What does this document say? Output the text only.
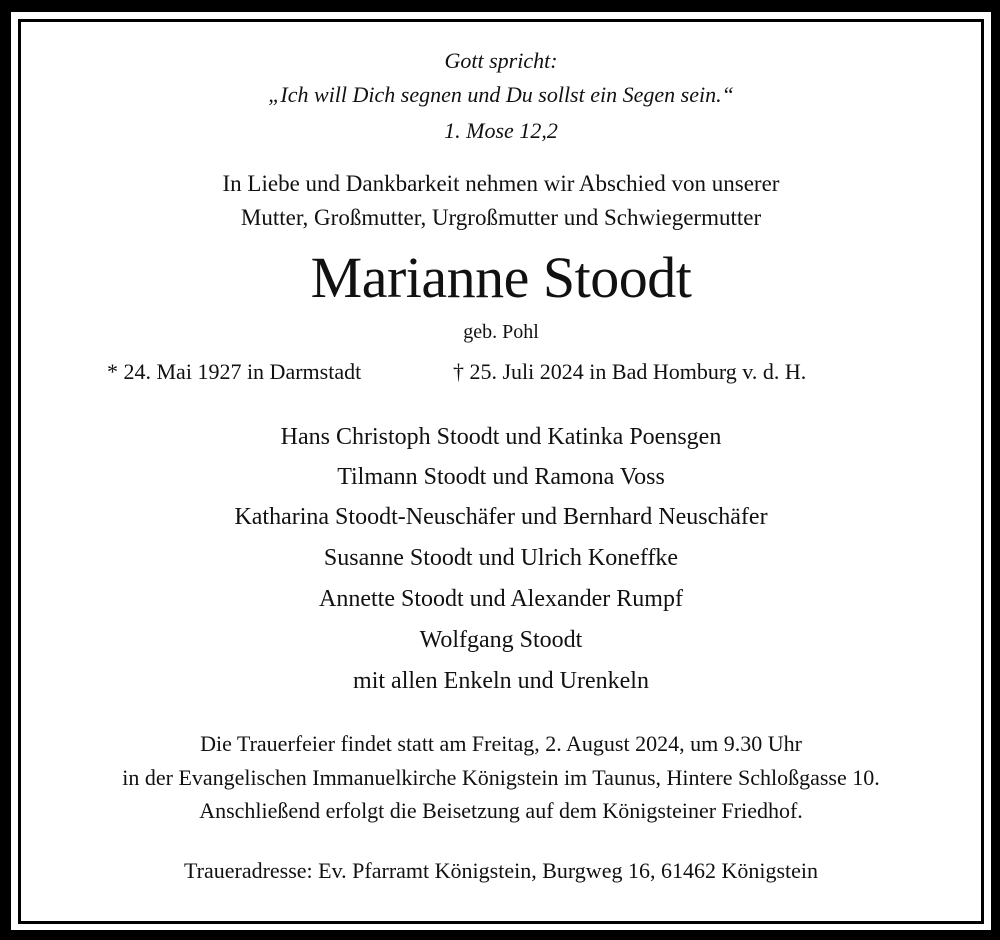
Gott spricht:
„Ich will Dich segnen und Du sollst ein Segen sein.“
1. Mose 12,2
In Liebe und Dankbarkeit nehmen wir Abschied von unserer
Mutter, Großmutter, Urgroßmutter und Schwiegermutter
Marianne Stoodt
geb. Pohl
* 24. Mai 1927 in Darmstadt	† 25. Juli 2024 in Bad Homburg v. d. H.
Hans Christoph Stoodt und Katinka Poensgen
Tilmann Stoodt und Ramona Voss
Katharina Stoodt-Neuschäfer und Bernhard Neuschäfer
Susanne Stoodt und Ulrich Koneffke
Annette Stoodt und Alexander Rumpf
Wolfgang Stoodt
mit allen Enkeln und Urenkeln
Die Trauerfeier findet statt am Freitag, 2. August 2024, um 9.30 Uhr
in der Evangelischen Immanuelkirche Königstein im Taunus, Hintere Schloßgasse 10.
Anschließend erfolgt die Beisetzung auf dem Königsteiner Friedhof.
Traueradresse: Ev. Pfarramt Königstein, Burgweg 16, 61462 Königstein
